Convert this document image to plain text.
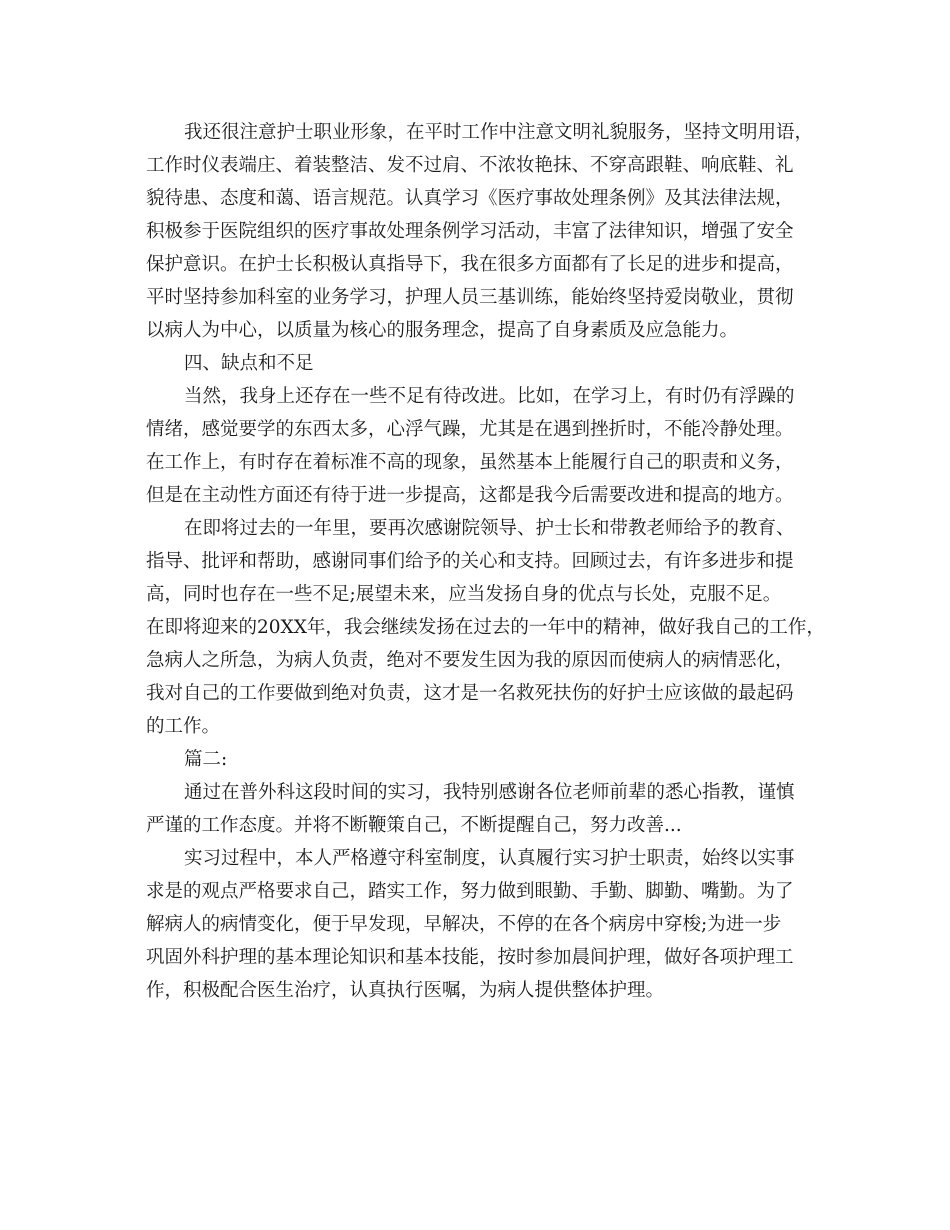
我还很注意护士职业形象，在平时工作中注意文明礼貌服务，坚持文明用语，

工作时仪表端庄、着装整洁、发不过肩、不浓妆艳抹、不穿高跟鞋、响底鞋、礼

貌待患、态度和蔼、语言规范。认真学习《医疗事故处理条例》及其法律法规，

积极参于医院组织的医疗事故处理条例学习活动，丰富了法律知识，增强了安全

保护意识。在护士长积极认真指导下，我在很多方面都有了长足的进步和提高，

平时坚持参加科室的业务学习，护理人员三基训练，能始终坚持爱岗敬业，贯彻

以病人为中心，以质量为核心的服务理念，提高了自身素质及应急能力。

四、缺点和不足

当然，我身上还存在一些不足有待改进。比如，在学习上，有时仍有浮躁的

情绪，感觉要学的东西太多，心浮气躁，尤其是在遇到挫折时，不能冷静处理。

在工作上，有时存在着标准不高的现象，虽然基本上能履行自己的职责和义务，

但是在主动性方面还有待于进一步提高，这都是我今后需要改进和提高的地方。

在即将过去的一年里，要再次感谢院领导、护士长和带教老师给予的教育、

指导、批评和帮助，感谢同事们给予的关心和支持。回顾过去，有许多进步和提

高，同时也存在一些不足;展望未来，应当发扬自身的优点与长处，克服不足。

在即将迎来的20XX年，我会继续发扬在过去的一年中的精神，做好我自己的工作，

急病人之所急，为病人负责，绝对不要发生因为我的原因而使病人的病情恶化，

我对自己的工作要做到绝对负责，这才是一名救死扶伤的好护士应该做的最起码

的工作。

篇二:

通过在普外科这段时间的实习，我特别感谢各位老师前辈的悉心指教，谨慎

严谨的工作态度。并将不断鞭策自己，不断提醒自己，努力改善...

实习过程中，本人严格遵守科室制度，认真履行实习护士职责，始终以实事

求是的观点严格要求自己，踏实工作，努力做到眼勤、手勤、脚勤、嘴勤。为了

解病人的病情变化，便于早发现，早解决，不停的在各个病房中穿梭;为进一步

巩固外科护理的基本理论知识和基本技能，按时参加晨间护理，做好各项护理工

作，积极配合医生治疗，认真执行医嘱，为病人提供整体护理。
